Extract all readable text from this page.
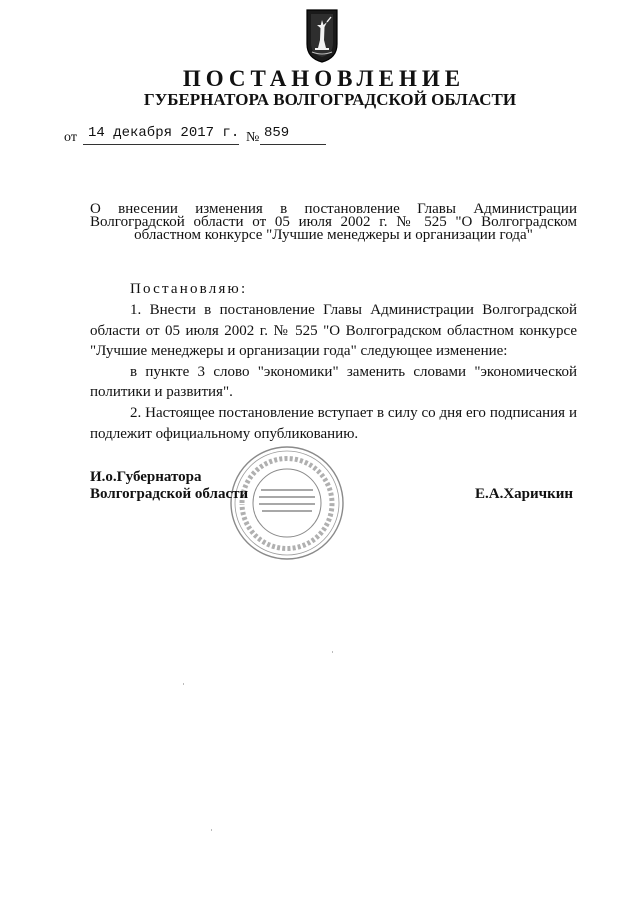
ПОСТАНОВЛЕНИЕ
ГУБЕРНАТОРА ВОЛГОГРАДСКОЙ ОБЛАСТИ
от 14 декабря 2017 г. № 859
О внесении изменения в постановление Главы Администрации
Волгоградской области от 05 июля 2002 г. № 525 "О Волгоградском
областном конкурсе "Лучшие менеджеры и организации года"
Постановляю:

1. Внести в постановление Главы Администрации Волгоградской области от 05 июля 2002 г. № 525 "О Волгоградском областном конкурсе "Лучшие менеджеры и организации года" следующее изменение:

в пункте 3 слово "экономики" заменить словами "экономической политики и развития".

2. Настоящее постановление вступает в силу со дня его подписания и подлежит официальному опубликованию.

И.о.Губернатора
Волгоградской области	Е.А.Харичкин
